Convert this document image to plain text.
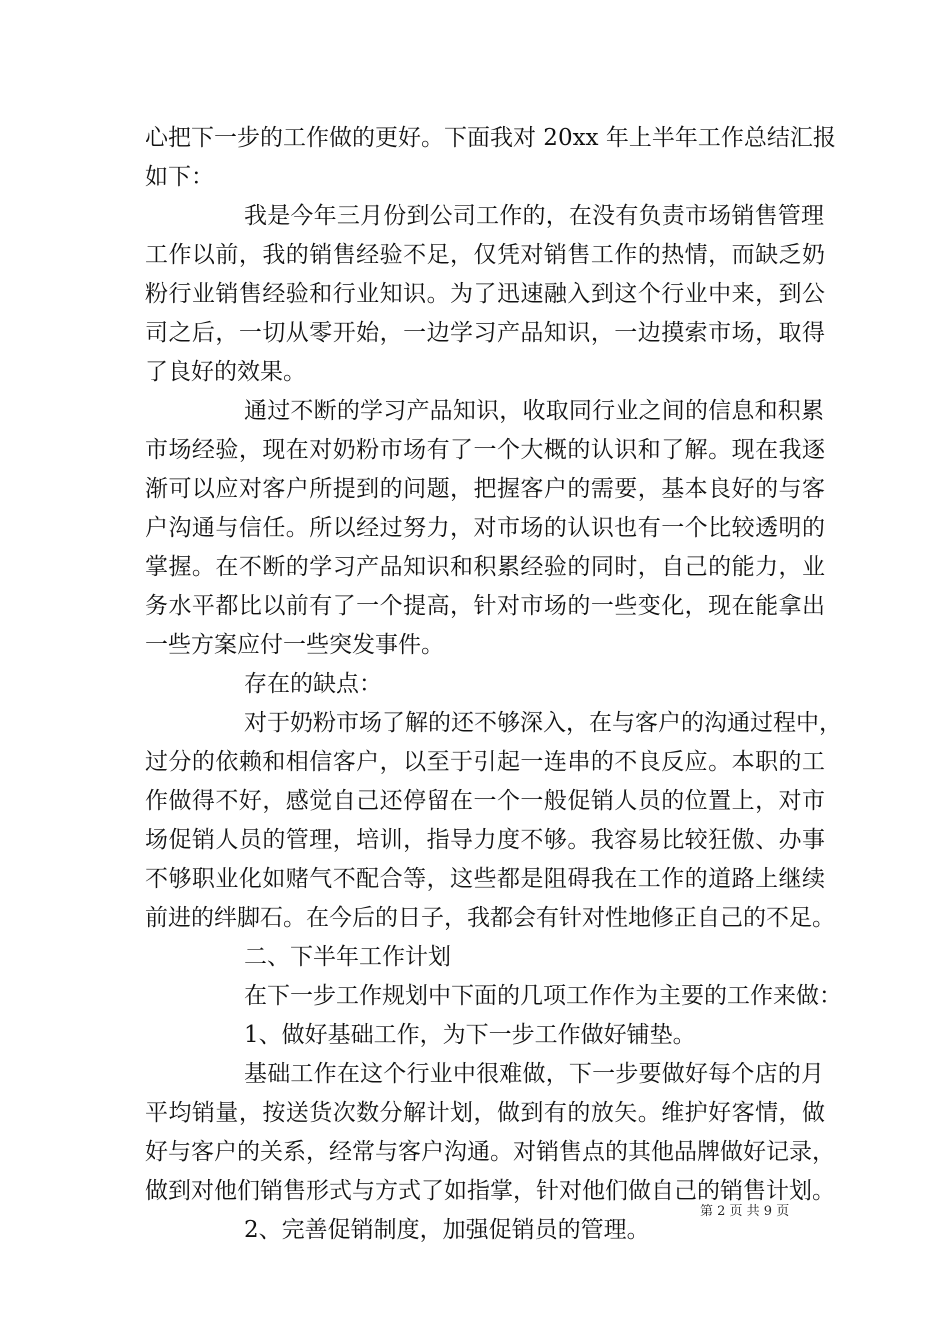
心把下一步的工作做的更好。下面我对 20xx 年上半年工作总结汇报
如下：
我是今年三月份到公司工作的，在没有负责市场销售管理
工作以前，我的销售经验不足，仅凭对销售工作的热情，而缺乏奶
粉行业销售经验和行业知识。为了迅速融入到这个行业中来，到公
司之后，一切从零开始，一边学习产品知识，一边摸索市场，取得
了良好的效果。
通过不断的学习产品知识，收取同行业之间的信息和积累
市场经验，现在对奶粉市场有了一个大概的认识和了解。现在我逐
渐可以应对客户所提到的问题，把握客户的需要，基本良好的与客
户沟通与信任。所以经过努力，对市场的认识也有一个比较透明的
掌握。在不断的学习产品知识和积累经验的同时，自己的能力，业
务水平都比以前有了一个提高，针对市场的一些变化，现在能拿出
一些方案应付一些突发事件。
存在的缺点：
对于奶粉市场了解的还不够深入，在与客户的沟通过程中，
过分的依赖和相信客户，以至于引起一连串的不良反应。本职的工
作做得不好，感觉自己还停留在一个一般促销人员的位置上，对市
场促销人员的管理，培训，指导力度不够。我容易比较狂傲、办事
不够职业化如赌气不配合等，这些都是阻碍我在工作的道路上继续
前进的绊脚石。在今后的日子，我都会有针对性地修正自己的不足。
二、下半年工作计划
在下一步工作规划中下面的几项工作作为主要的工作来做：
1、做好基础工作，为下一步工作做好铺垫。
基础工作在这个行业中很难做，下一步要做好每个店的月
平均销量，按送货次数分解计划，做到有的放矢。维护好客情，做
好与客户的关系，经常与客户沟通。对销售点的其他品牌做好记录，
做到对他们销售形式与方式了如指掌，针对他们做自己的销售计划。
2、完善促销制度，加强促销员的管理。
第 2 页 共 9 页
